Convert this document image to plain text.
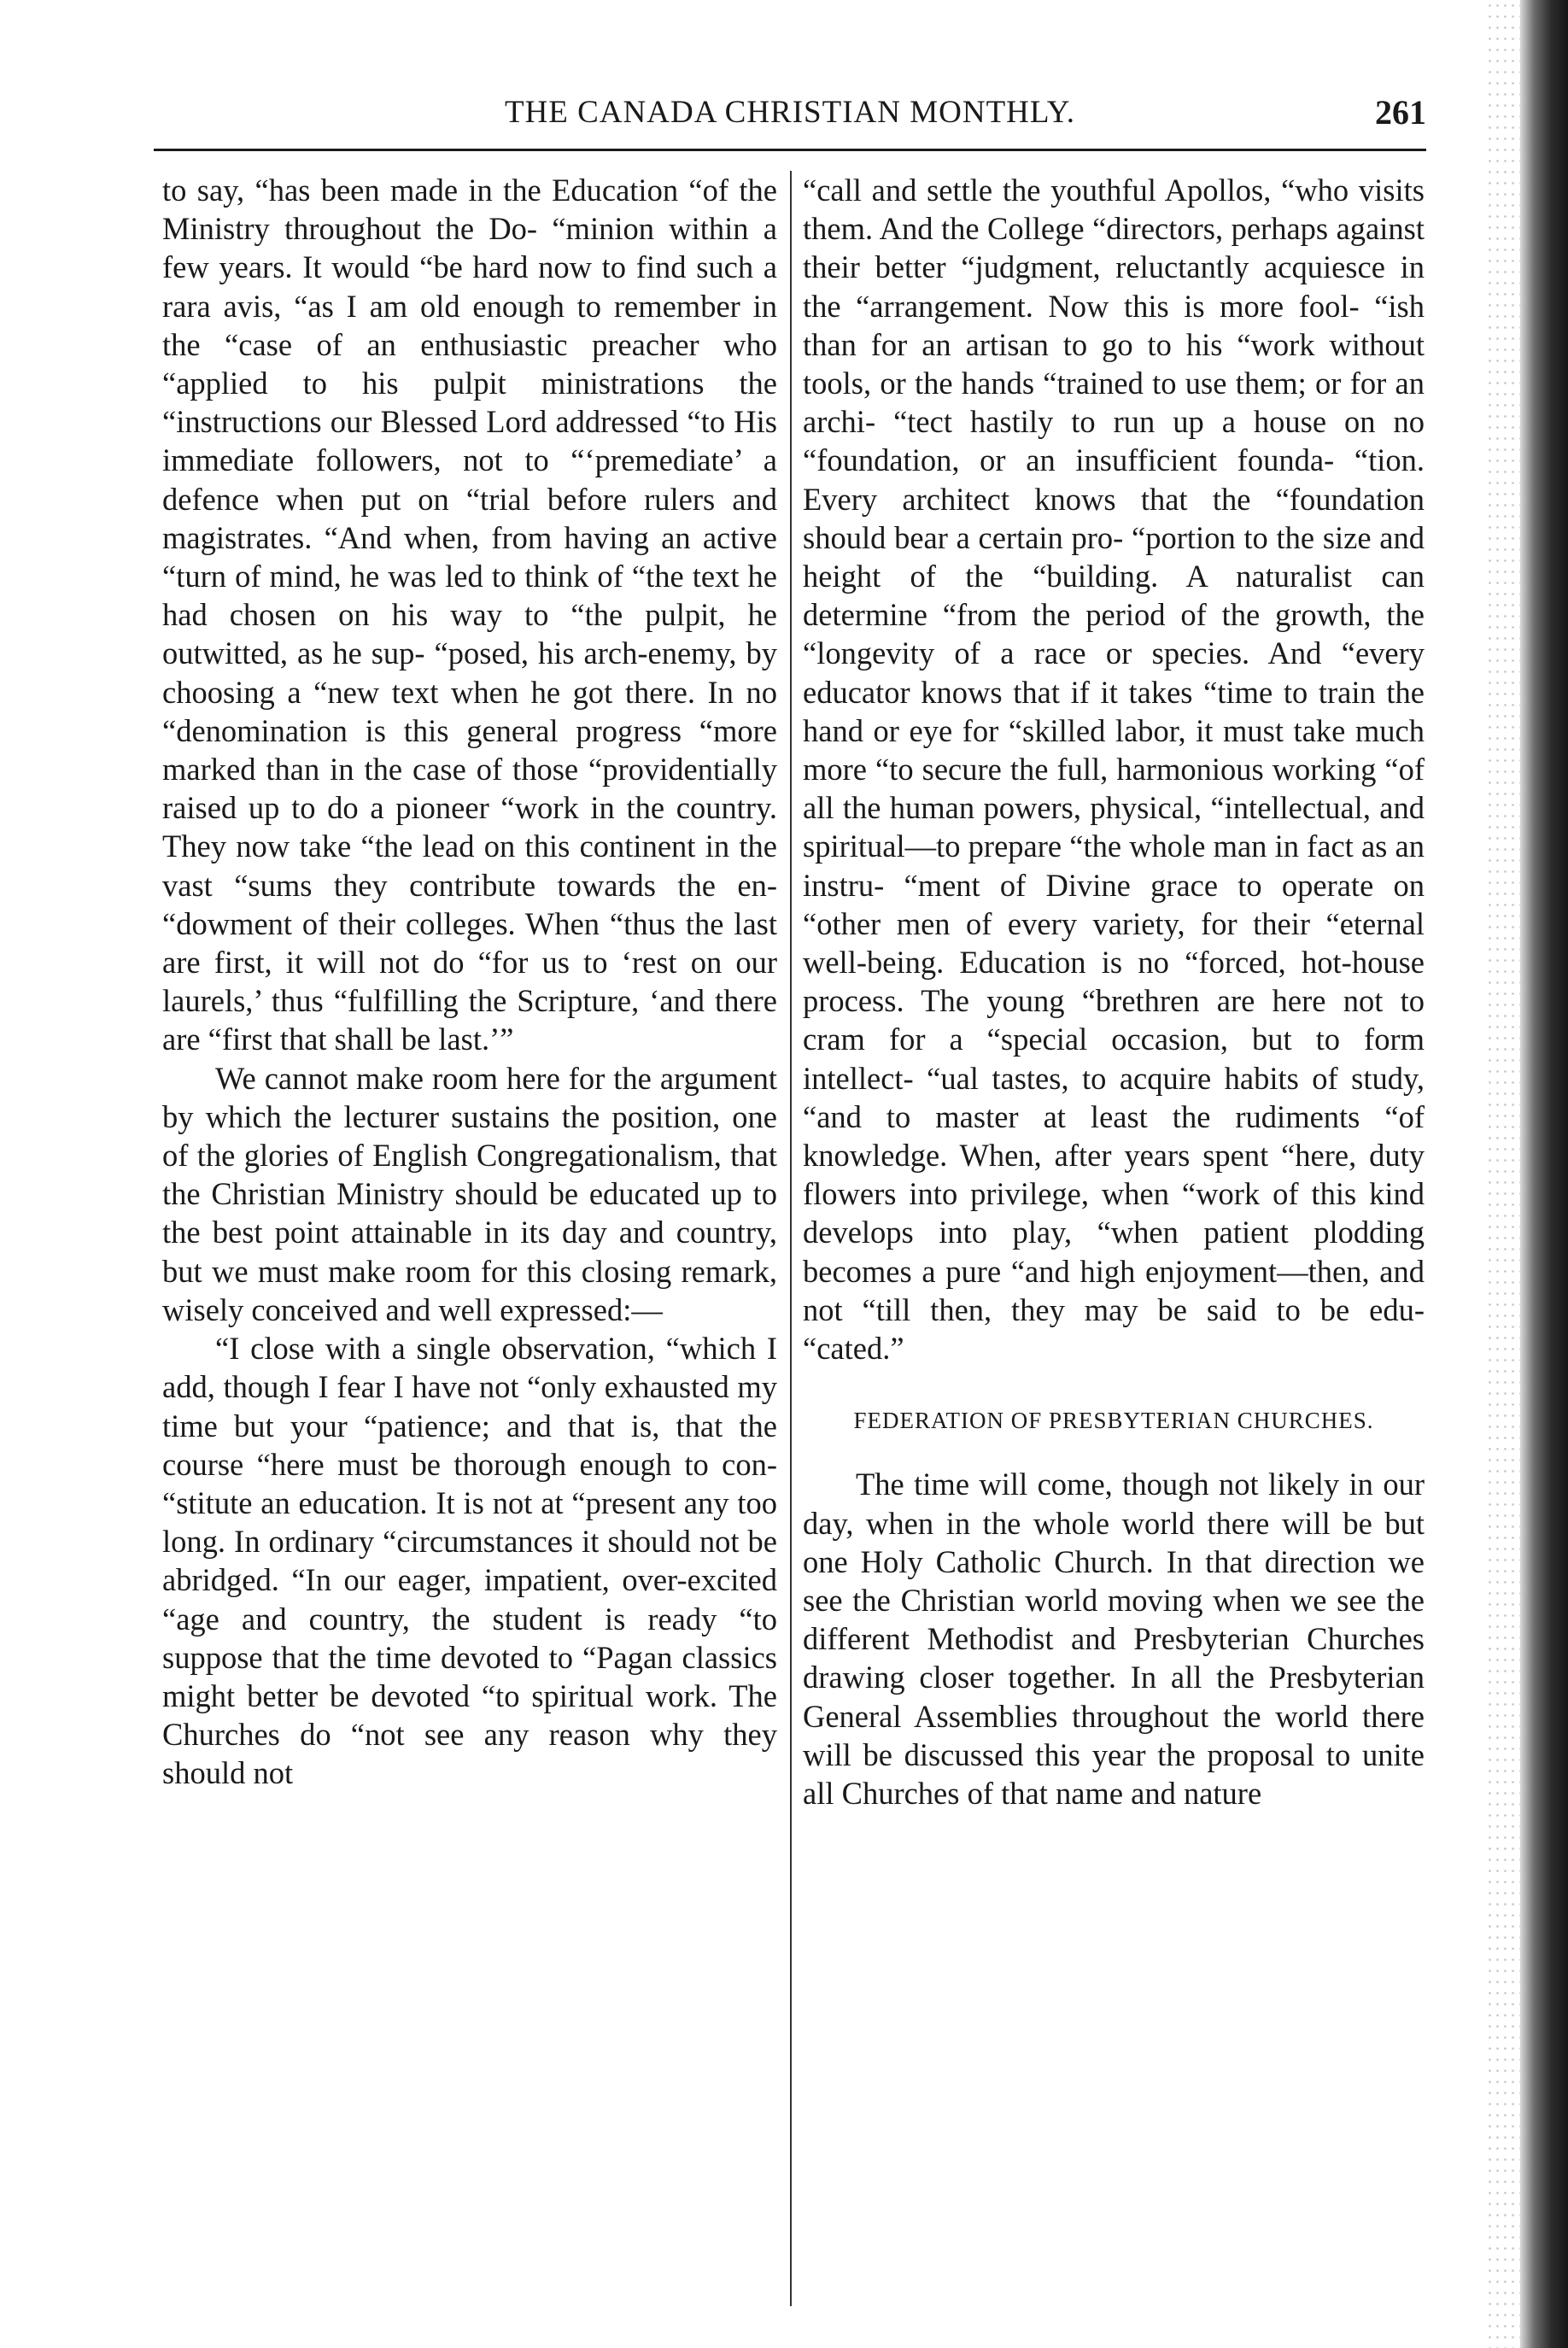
THE CANADA CHRISTIAN MONTHLY.	261

to say, “has been made in the Education “of the Ministry throughout the Do- “minion within a few years. It would “be hard now to find such a rara avis, “as I am old enough to remember in the “case of an enthusiastic preacher who “applied to his pulpit ministrations the “instructions our Blessed Lord addressed “to His immediate followers, not to “‘premediate’ a defence when put on “trial before rulers and magistrates. “And when, from having an active “turn of mind, he was led to think of “the text he had chosen on his way to “the pulpit, he outwitted, as he sup- “posed, his arch-enemy, by choosing a “new text when he got there. In no “denomination is this general progress “more marked than in the case of those “providentially raised up to do a pioneer “work in the country. They now take “the lead on this continent in the vast “sums they contribute towards the en- “dowment of their colleges. When “thus the last are first, it will not do “for us to ‘rest on our laurels,’ thus “fulfilling the Scripture, ‘and there are “first that shall be last.’”

We cannot make room here for the argument by which the lecturer sustains the position, one of the glories of English Congregationalism, that the Christian Ministry should be educated up to the best point attainable in its day and country, but we must make room for this closing remark, wisely conceived and well expressed:—

“I close with a single observation, “which I add, though I fear I have not “only exhausted my time but your “patience; and that is, that the course “here must be thorough enough to con- “stitute an education. It is not at “present any too long. In ordinary “circumstances it should not be abridged. “In our eager, impatient, over-excited “age and country, the student is ready “to suppose that the time devoted to “Pagan classics might better be devoted “to spiritual work. The Churches do “not see any reason why they should not

“call and settle the youthful Apollos, “who visits them. And the College “directors, perhaps against their better “judgment, reluctantly acquiesce in the “arrangement. Now this is more fool- “ish than for an artisan to go to his “work without tools, or the hands “trained to use them; or for an archi- “tect hastily to run up a house on no “foundation, or an insufficient founda- “tion. Every architect knows that the “foundation should bear a certain pro- “portion to the size and height of the “building. A naturalist can determine “from the period of the growth, the “longevity of a race or species. And “every educator knows that if it takes “time to train the hand or eye for “skilled labor, it must take much more “to secure the full, harmonious working “of all the human powers, physical, “intellectual, and spiritual—to prepare “the whole man in fact as an instru- “ment of Divine grace to operate on “other men of every variety, for their “eternal well-being. Education is no “forced, hot-house process. The young “brethren are here not to cram for a “special occasion, but to form intellect- “ual tastes, to acquire habits of study, “and to master at least the rudiments “of knowledge. When, after years spent “here, duty flowers into privilege, when “work of this kind develops into play, “when patient plodding becomes a pure “and high enjoyment—then, and not “till then, they may be said to be edu- “cated.”

FEDERATION OF PRESBYTERIAN CHURCHES.

The time will come, though not likely in our day, when in the whole world there will be but one Holy Catholic Church. In that direction we see the Christian world moving when we see the different Methodist and Presbyterian Churches drawing closer together. In all the Presbyterian General Assemblies throughout the world there will be discussed this year the proposal to unite all Churches of that name and nature
